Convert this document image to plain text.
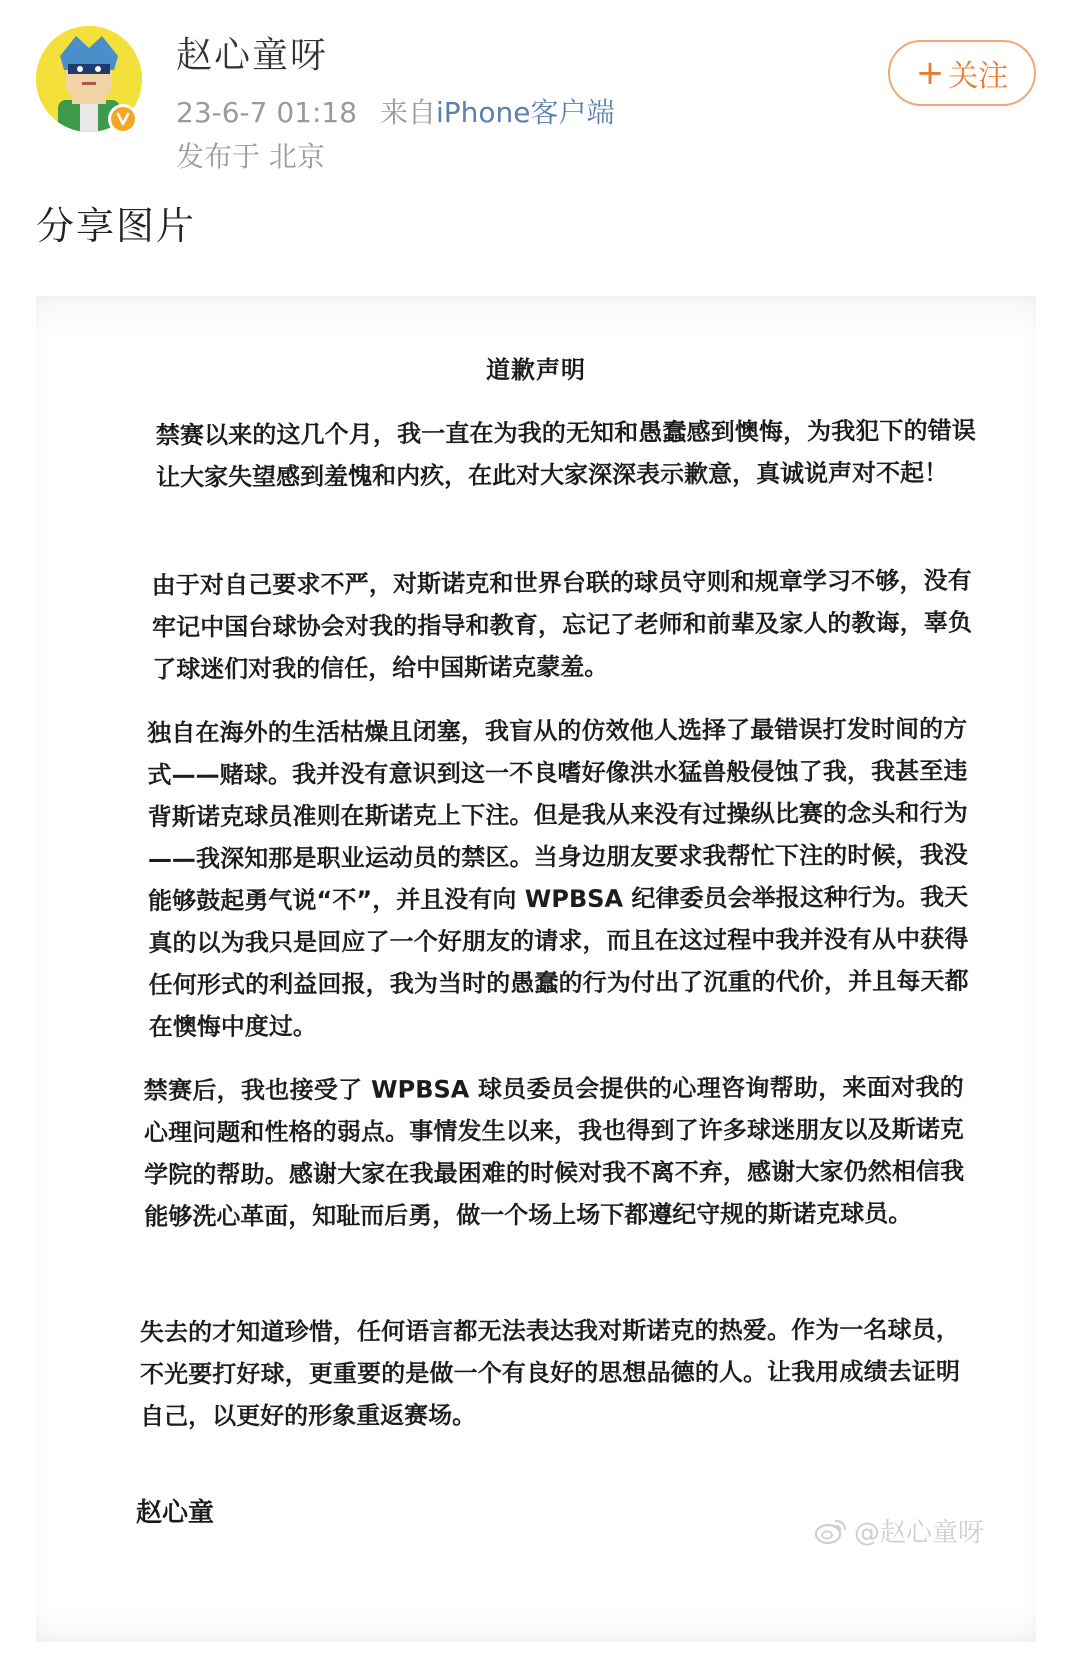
赵心童呀
23-6-7 01:18 来自iPhone客户端
发布于 北京
+ 关注
分享图片
道歉声明

禁赛以来的这几个月，我一直在为我的无知和愚蠢感到懊悔，为我犯下的错误让大家失望感到羞愧和内疚，在此对大家深深表示歉意，真诚说声对不起！

由于对自己要求不严，对斯诺克和世界台联的球员守则和规章学习不够，没有牢记中国台球协会对我的指导和教育，忘记了老师和前辈及家人的教诲，辜负了球迷们对我的信任，给中国斯诺克蒙羞。

独自在海外的生活枯燥且闭塞，我盲从的仿效他人选择了最错误打发时间的方式——赌球。我并没有意识到这一不良嗜好像洪水猛兽般侵蚀了我，我甚至违背斯诺克球员准则在斯诺克上下注。但是我从来没有过操纵比赛的念头和行为——我深知那是职业运动员的禁区。当身边朋友要求我帮忙下注的时候，我没能够鼓起勇气说“不”，并且没有向 WPBSA 纪律委员会举报这种行为。我天真的以为我只是回应了一个好朋友的请求，而且在这过程中我并没有从中获得任何形式的利益回报，我为当时的愚蠢的行为付出了沉重的代价，并且每天都在懊悔中度过。

禁赛后，我也接受了 WPBSA 球员委员会提供的心理咨询帮助，来面对我的心理问题和性格的弱点。事情发生以来，我也得到了许多球迷朋友以及斯诺克学院的帮助。感谢大家在我最困难的时候对我不离不弃，感谢大家仍然相信我能够洗心革面，知耻而后勇，做一个场上场下都遵纪守规的斯诺克球员。

失去的才知道珍惜，任何语言都无法表达我对斯诺克的热爱。作为一名球员，不光要打好球，更重要的是做一个有良好的思想品德的人。让我用成绩去证明自己，以更好的形象重返赛场。

赵心童
@赵心童呀
